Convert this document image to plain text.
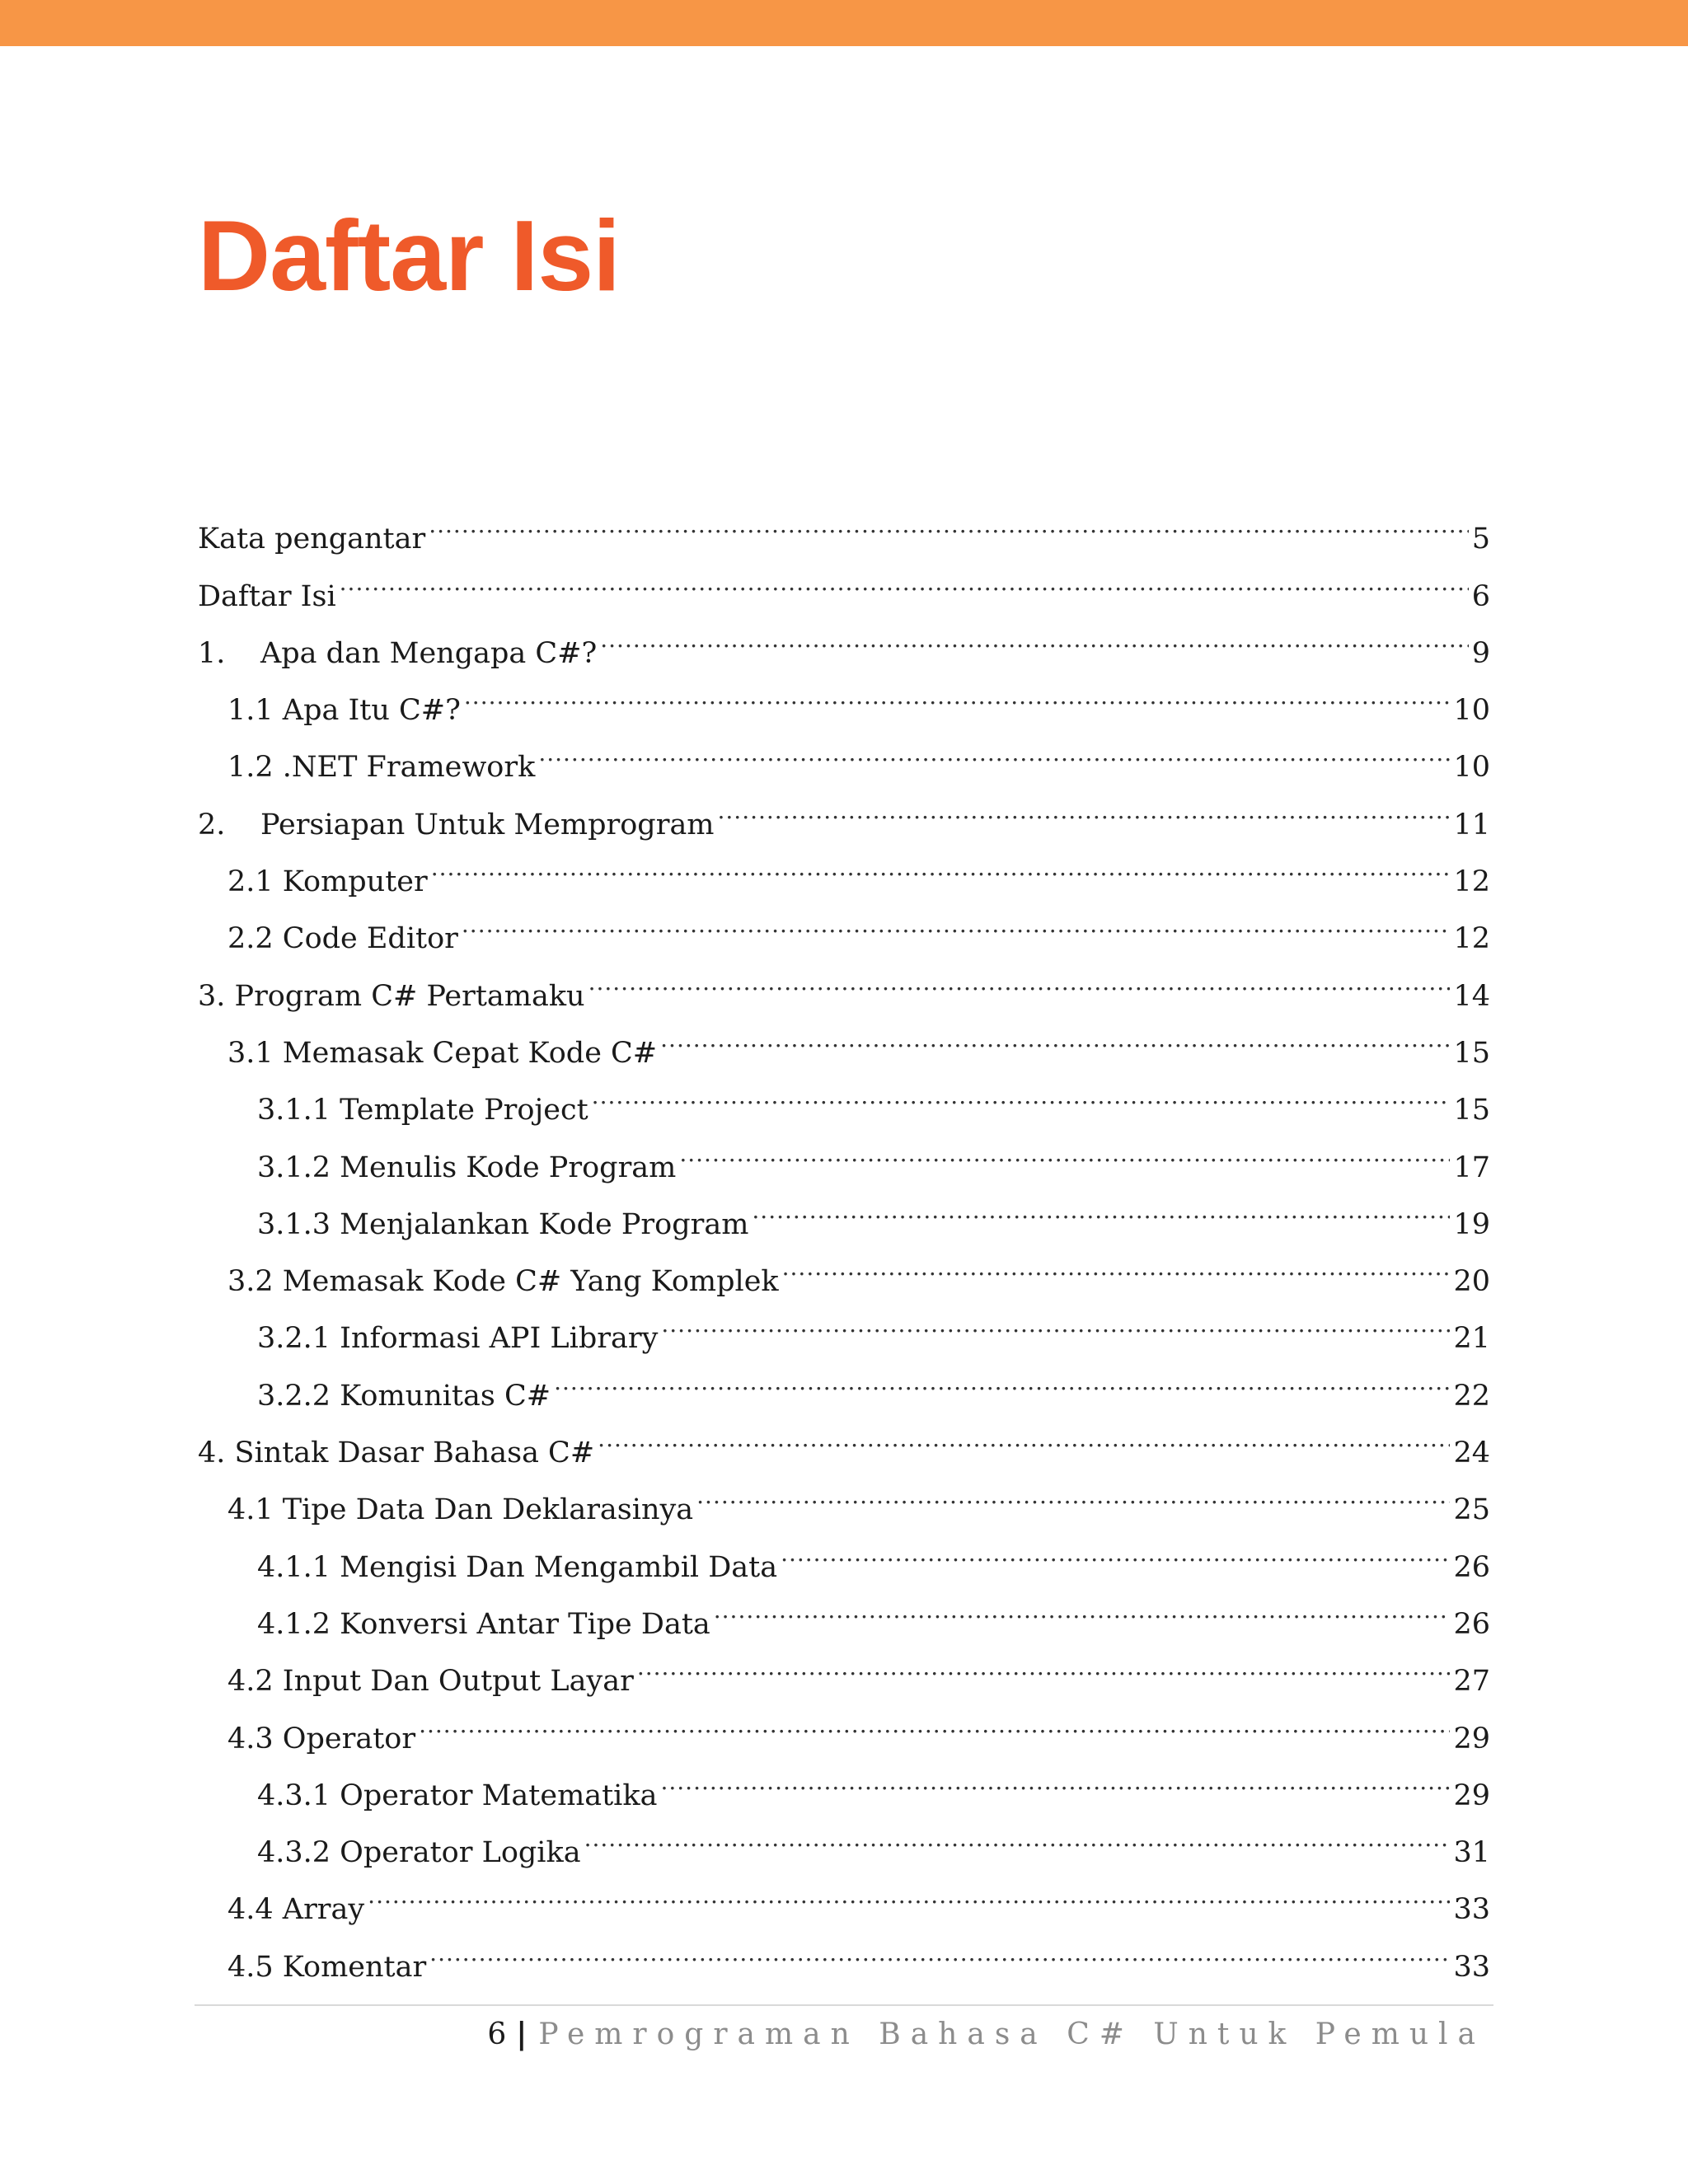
Daftar Isi
Kata pengantar .....	5
Daftar Isi .....	6
1.	Apa dan Mengapa C#? .....	9
1.1 Apa Itu C#? .....	10
1.2 .NET Framework .....	10
2.	Persiapan Untuk Memprogram .....	11
2.1 Komputer .....	12
2.2 Code Editor .....	12
3. Program C# Pertamaku .....	14
3.1 Memasak Cepat Kode C# .....	15
3.1.1 Template Project .....	15
3.1.2 Menulis Kode Program .....	17
3.1.3 Menjalankan Kode Program .....	19
3.2 Memasak Kode C# Yang Komplek .....	20
3.2.1 Informasi API Library .....	21
3.2.2 Komunitas C# .....	22
4. Sintak Dasar Bahasa C# .....	24
4.1 Tipe Data Dan Deklarasinya .....	25
4.1.1 Mengisi Dan Mengambil Data .....	26
4.1.2 Konversi Antar Tipe Data .....	26
4.2 Input Dan Output Layar .....	27
4.3 Operator .....	29
4.3.1 Operator Matematika .....	29
4.3.2 Operator Logika .....	31
4.4 Array .....	33
4.5 Komentar .....	33
6 | Pemrograman Bahasa C# Untuk Pemula
